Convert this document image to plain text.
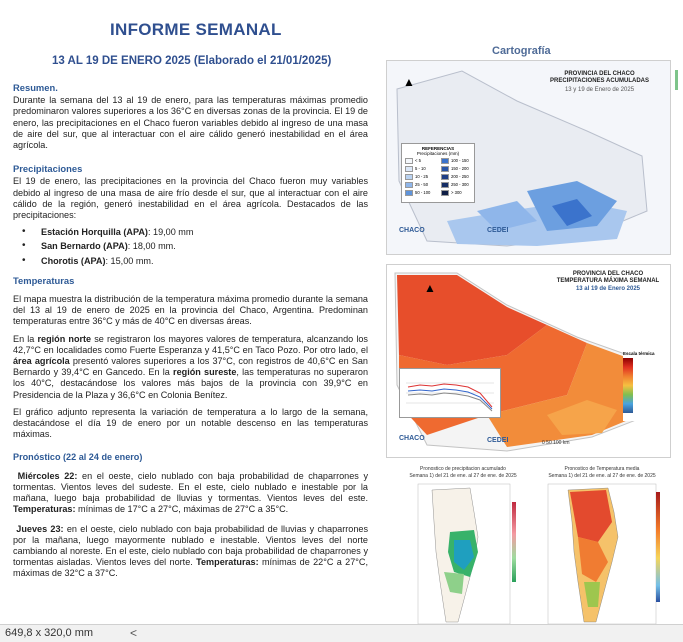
INFORME SEMANAL
13 AL 19 DE ENERO 2025 (Elaborado el 21/01/2025)
Cartografía
Resumen.

Durante la semana del 13 al 19 de enero, para las temperaturas máximas promedio predominaron valores superiores a los 36°C en diversas zonas de la provincia. El 19 de enero, las precipitaciones en el Chaco fueron variables debido al ingreso de una masa de aire del sur, que al interactuar con el aire cálido generó inestabilidad en el área agrícola.

Precipitaciones

El 19 de enero, las precipitaciones en la provincia del Chaco fueron muy variables debido al ingreso de una masa de aire frío desde el sur, que al interactuar con el aire cálido de la región, generó inestabilidad en el área agrícola. Destacados de las precipitaciones:

• Estación Horquilla (APA): 19,00 mm
• San Bernardo (APA): 18,00 mm.
• Chorotis (APA): 15,00 mm.
Temperaturas

El mapa muestra la distribución de la temperatura máxima promedio durante la semana del 13 al 19 de enero de 2025 en la provincia del Chaco, Argentina. Predominan temperaturas entre 36°C y más de 40°C en diversas áreas.

En la región norte se registraron los mayores valores de temperatura, alcanzando los 42,7°C en localidades como Fuerte Esperanza y 41,5°C en Taco Pozo. Por otro lado, el área agrícola presentó valores superiores a los 37°C, con registros de 40,6°C en San Bernardo y 39,4°C en Gancedo. En la región sureste, las temperaturas no superaron los 40°C, destacándose los valores más bajos de la provincia con 39,9°C en Presidencia de la Plaza y 36,6°C en Colonia Benítez.

El gráfico adjunto representa la variación de temperatura a lo largo de la semana, destacándose el día 19 de enero por un notable descenso en las temperaturas máximas.

Pronóstico (22 al 24 de enero)

Miércoles 22: en el oeste, cielo nublado con baja probabilidad de chaparrones y tormentas. Vientos leves del sudeste. En el este, cielo nublado e inestable por la mañana, luego baja probabilidad de lluvias y tormentas. Vientos leves del este. Temperaturas: mínimas de 17°C a 27°C, máximas de 27°C a 35°C.

Jueves 23: en el oeste, cielo nublado con baja probabilidad de lluvias y chaparrones por la mañana, luego mayormente nublado e inestable. Vientos leves del norte cambiando al noreste. En el este, cielo nublado con baja probabilidad de chaparrones y tormentas aisladas. Vientos leves del norte. Temperaturas: mínimas de 22°C a 27°C, máximas de 32°C a 37°C.

▲
PROVINCIA DEL CHACO
PRECIPITACIONES ACUMULADAS
13 y 19 de Enero de 2025
REFERENCIAS
Precipitaciones (mm)
< 5
5 - 10
10 - 25
25 - 50
50 - 100
100 - 150
150 - 200
200 - 250
250 - 300
> 300
CHACO	CEDEI
▲
PROVINCIA DEL CHACO
TEMPERATURA MÁXIMA SEMANAL
13 al 19 de Enero 2025
Escala térmica
0 50 100 km
CHACO	CEDEI
Pronostico de precipitacion acumulado
Semana 1) del 21 de ene. al 27 de ene. de 2025
Pronostico de Temperatura media
Semana 1) del 21 de ene. al 27 de ene. de 2025
649,8 x 320,0 mm	<
